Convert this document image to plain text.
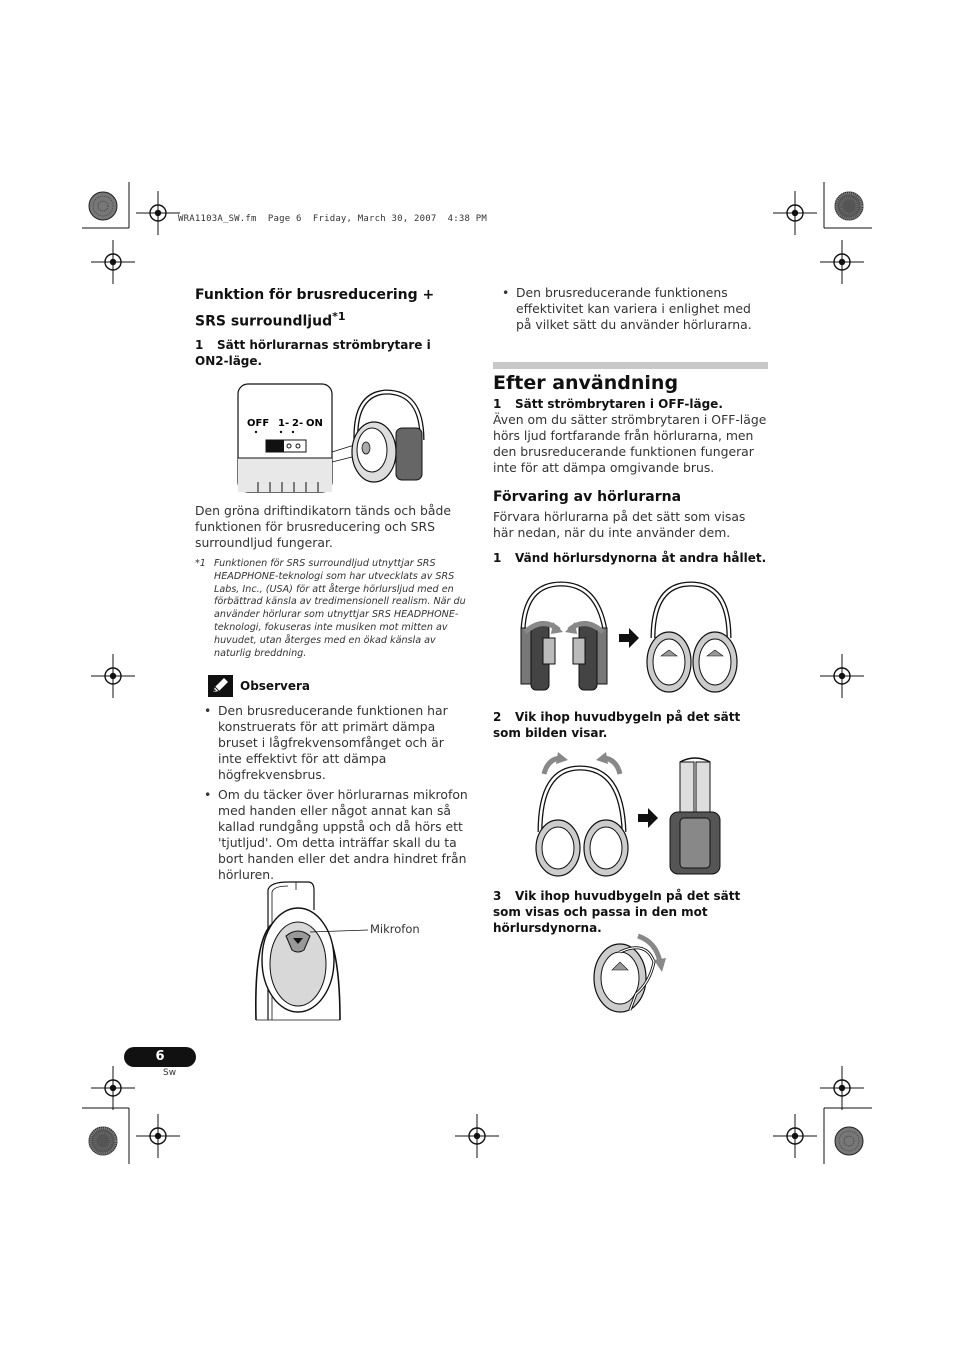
WRA1103A_SW.fm  Page 6  Friday, March 30, 2007  4:38 PM
Funktion för brusreducering + SRS surroundljud$^{*1}$
1 Sätt hörlurarnas strömbrytare i ON2-läge.
OFF 1 - 2 - ON
Den gröna driftindikatorn tänds och både funktionen för brusreducering och SRS surroundljud fungerar.
*1 Funktionen för SRS surroundljud utnyttjar SRS HEADPHONE-teknologi som har utvecklats av SRS Labs, Inc., (USA) för att återge hörlursljud med en förbättrad känsla av tredimensionell realism. När du använder hörlurar som utnyttjar SRS HEADPHONE-teknologi, fokuseras inte musiken mot mitten av huvudet, utan återges med en ökad känsla av naturlig breddning.
Observera
• Den brusreducerande funktionen har konstruerats för att primärt dämpa bruset i lågfrekvensomfånget och är inte effektivt för att dämpa högfrekvensbrus.
• Om du täcker över hörlurarnas mikrofon med handen eller något annat kan så kallad rundgång uppstå och då hörs ett 'tjutljud'. Om detta inträffar skall du ta bort handen eller det andra hindret från hörluren.
Mikrofon
• Den brusreducerande funktionens effektivitet kan variera i enlighet med på vilket sätt du använder hörlurarna.
Efter användning
1 Sätt strömbrytaren i OFF-läge.
Även om du sätter strömbrytaren i OFF-läge hörs ljud fortfarande från hörlurarna, men den brusreducerande funktionen fungerar inte för att dämpa omgivande brus.
Förvaring av hörlurarna
Förvara hörlurarna på det sätt som visas här nedan, när du inte använder dem.
1 Vänd hörlursdynorna åt andra hållet.
2 Vik ihop huvudbygeln på det sätt som bilden visar.
3 Vik ihop huvudbygeln på det sätt som visas och passa in den mot hörlursdynorna.
6
Sw
